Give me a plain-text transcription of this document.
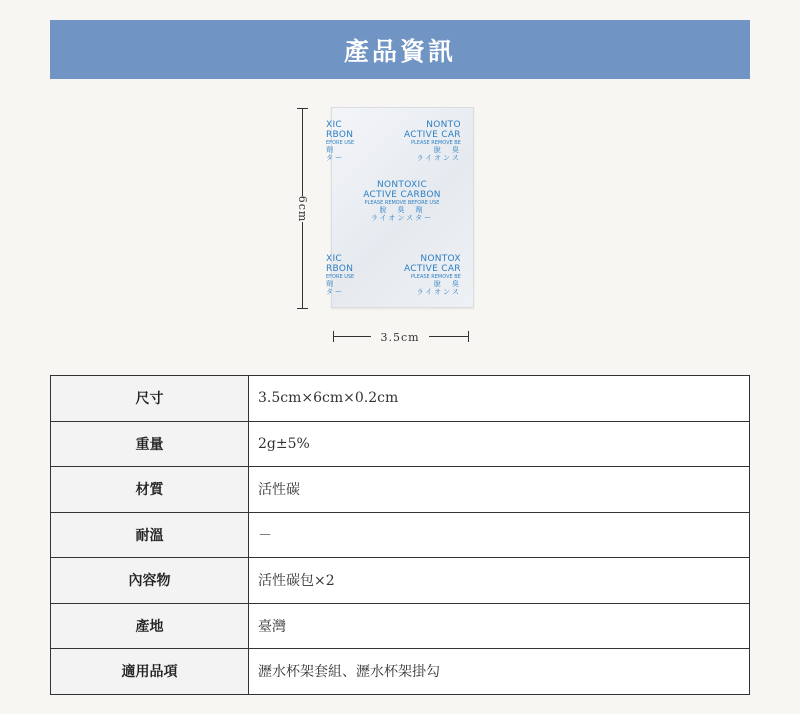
產品資訊
6cm
XIC
RBON
EFORE USE
劑
ター
NONTO
ACTIVE CAR
PLEASE REMOVE BE
脫　臭
ライオンス
NONTOXIC
ACTIVE CARBON
PLEASE REMOVE BEFORE USE
脫　臭　劑
ライオンスター
XIC
RBON
EFORE USE
劑
ター
NONTOX
ACTIVE CAR
PLEASE REMOVE BE
脫　臭
ライオンス
3.5cm
尺寸	3.5cm×6cm×0.2cm
重量	2g±5%
材質	活性碳
耐溫	－
內容物	活性碳包×2
產地	臺灣
適用品項	瀝水杯架套組、瀝水杯架掛勾
